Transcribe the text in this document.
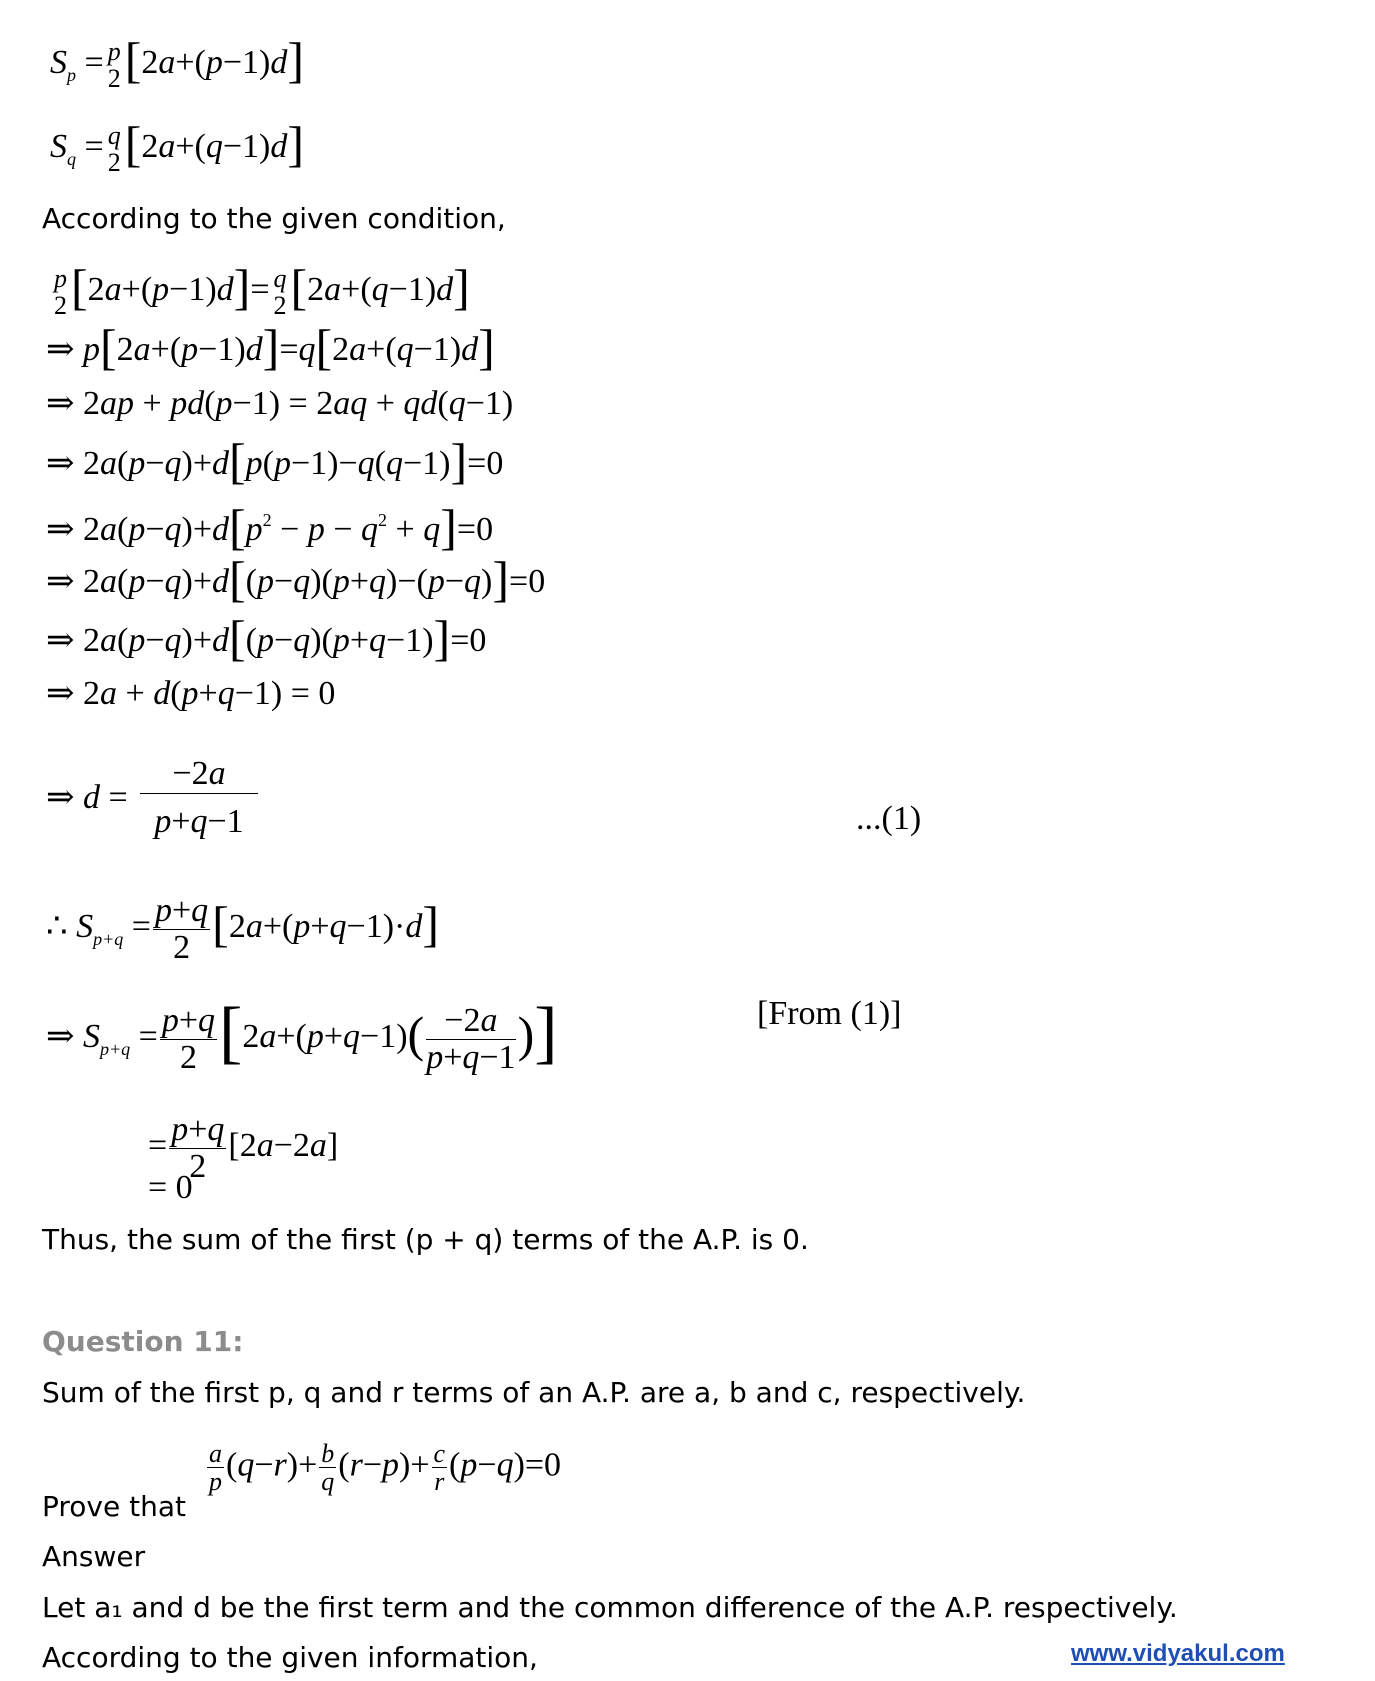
$S_p = p$
2 [2a+(p−1)d]
$S_q = q$
2 [2a+(q−1)d]
According to the given condition,
p
2 [2a+(p−1)d]= q
2 [2a+(q−1)d]
⇒ p[2a+(p−1)d]=q[2a+(q−1)d]
⇒ 2ap + pd(p−1) = 2aq + qd(q−1)
⇒ 2a(p−q)+d[p(p−1)−q(q−1)]=0
⇒ $2a(p-q)+d[p^2 - p - q^2 + q]=0$
⇒ 2a(p−q)+d[(p−q)(p+q)−(p−q)]=0
⇒ 2a(p−q)+d[(p−q)(p+q−1)]=0
⇒ 2a + d(p+q−1) = 0
⇒ d =
−2a
p+q−1	...(1)
∴ $S_{p+q} = \frac{p+q}{2} [2a+(p+q-1)\cdot d]$
⇒ $S_{p+q} = \frac{p+q}{2} [2a+(p+q-1)( \frac{-2a}{p+q-1}$ )]	[From (1)]
= $\frac{p+q}{2} [2a-2a]$
= 0
Thus, the sum of the first (p + q) terms of the A.P. is 0.
Question 11:
Sum of the first p, q and r terms of an A.P. are a, b and c, respectively.
Prove that
$\frac{a}{p} (q-r)+ \frac{b}{q} (r-p)+ \frac{c}{r} (p-q)=0$
Answer
Let a₁ and d be the first term and the common difference of the A.P. respectively.
According to the given information,	www.vidyakul.com
